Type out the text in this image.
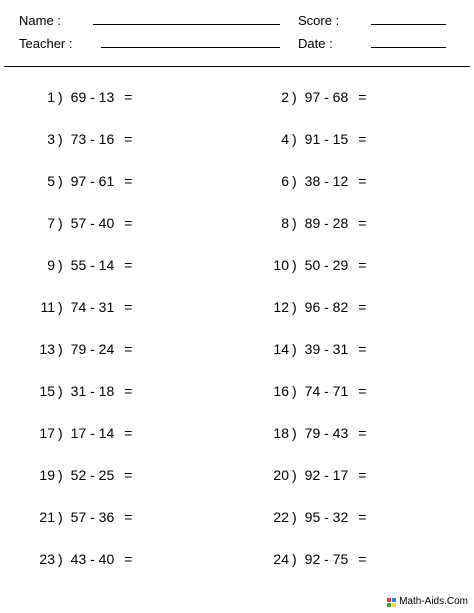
Name :	Score :
Teacher :	Date :
1 ) 69 - 13 =	2 ) 97 - 68 =
3 ) 73 - 16 =	4 ) 91 - 15 =
5 ) 97 - 61 =	6 ) 38 - 12 =
7 ) 57 - 40 =	8 ) 89 - 28 =
9 ) 55 - 14 =	10 ) 50 - 29 =
11 ) 74 - 31 =	12 ) 96 - 82 =
13 ) 79 - 24 =	14 ) 39 - 31 =
15 ) 31 - 18 =	16 ) 74 - 71 =
17 ) 17 - 14 =	18 ) 79 - 43 =
19 ) 52 - 25 =	20 ) 92 - 17 =
21 ) 57 - 36 =	22 ) 95 - 32 =
23 ) 43 - 40 =	24 ) 92 - 75 =
Math-Aids.Com
